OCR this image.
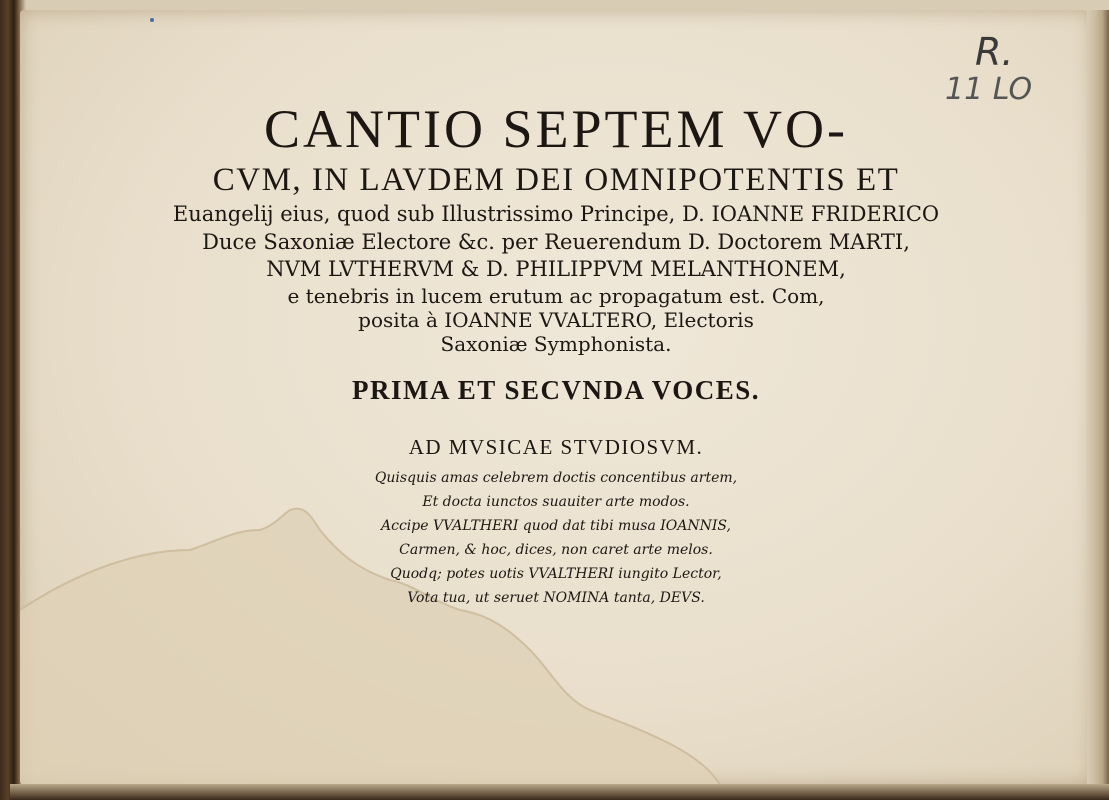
R.
11 LO
CANTIO SEPTEM VO-
CVM, IN LAVDEM DEI OMNIPOTENTIS ET
Euangelij eius, quod sub Illustrissimo Principe, D. IOANNE FRIDERICO
Duce Saxoniæ Electore &c. per Reuerendum D. Doctorem MARTI,
NVM LVTHERVM & D. PHILIPPVM MELANTHONEM,
e tenebris in lucem erutum ac propagatum est. Com,
posita à IOANNE VVALTERO, Electoris
Saxoniæ Symphonista.
PRIMA ET SECVNDA VOCES.
AD MVSICAE STVDIOSVM.
Quisquis amas celebrem doctis concentibus artem,
Et docta iunctos suauiter arte modos.
Accipe VVALTHERI quod dat tibi musa IOANNIS,
Carmen, & hoc, dices, non caret arte melos.
Quodq; potes uotis VVALTHERI iungito Lector,
Vota tua, ut seruet NOMINA tanta, DEVS.
